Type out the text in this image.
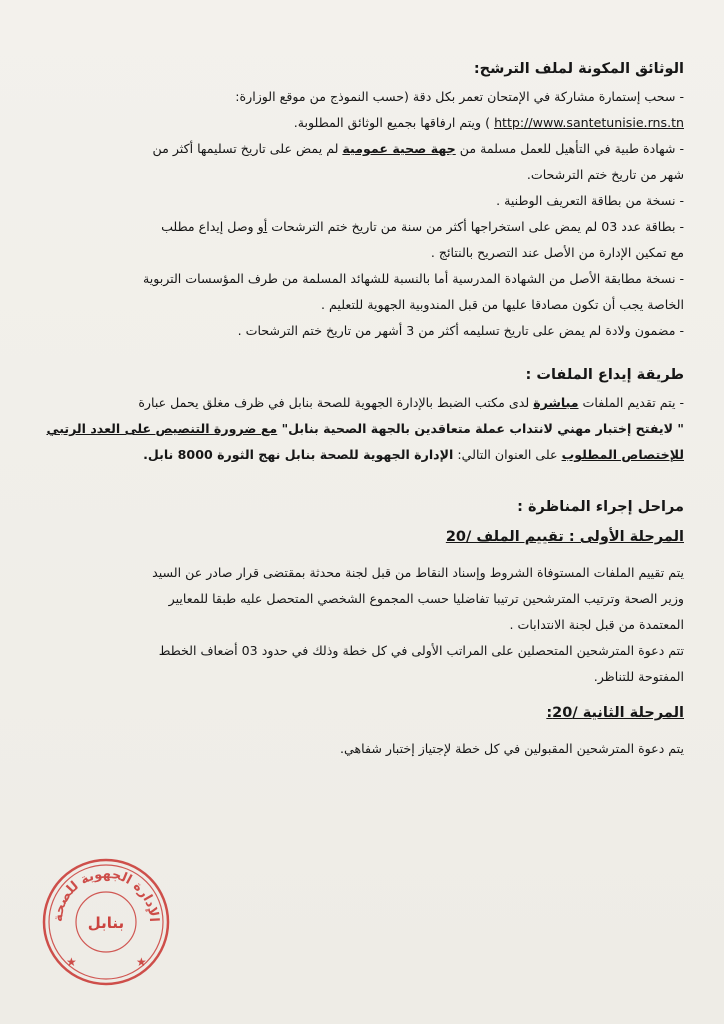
الوثائق المكونة لملف الترشح:
- سحب إستمارة مشاركة في الإمتحان تعمر بكل دقة (حسب النموذج من موقع الوزارة:
http://www.santetunisie.rns.tn ) ويتم ارفاقها بجميع الوثائق المطلوبة.
- شهادة طبية في التأهيل للعمل مسلمة من جهة صحية عمومية لم يمض على تاريخ تسليمها أكثر من
شهر من تاريخ ختم الترشحات.
- نسخة من بطاقة التعريف الوطنية .
- بطاقة عدد 03 لم يمض على استخراجها أكثر من سنة من تاريخ ختم الترشحات أو وصل إيداع مطلب
مع تمكين الإدارة من الأصل عند التصريح بالنتائج .
- نسخة مطابقة الأصل من الشهادة المدرسية أما بالنسبة للشهائد المسلمة من طرف المؤسسات التربوية
الخاصة يجب أن تكون مصادقا عليها من قبل المندوبية الجهوية للتعليم .
- مضمون ولادة لم يمض على تاريخ تسليمه أكثر من 3 أشهر من تاريخ ختم الترشحات .
طريقة إيداع الملفات :
- يتم تقديم الملفات مباشرة لدى مكتب الضبط بالإدارة الجهوية للصحة بنابل في ظرف مغلق يحمل عبارة
" لايفتح إختبار مهني لانتداب عملة متعاقدين بالجهة الصحية بنابل" مع ضرورة التنصيص على العدد الرتبي
للإختصاص المطلوب على العنوان التالي: الإدارة الجهوية للصحة بنابل نهج الثورة 8000 نابل.
مراحل إجراء المناظرة :
المرحلة الأولى : تقييم الملف /20
يتم تقييم الملفات المستوفاة الشروط وإسناد النقاط من قبل لجنة محدثة بمقتضى قرار صادر عن السيد
وزير الصحة وترتيب المترشحين ترتيبا تفاضليا حسب المجموع الشخصي المتحصل عليه طبقا للمعايير
المعتمدة من قبل لجنة الانتدابات .
تتم دعوة المترشحين المتحصلين على المراتب الأولى في كل خطة وذلك في حدود 03 أضعاف الخطط
المفتوحة للتناظر.
المرحلة الثانية /20:
يتم دعوة المترشحين المقبولين في كل خطة لإجتياز إختبار شفاهي.
الإدارة الجهوية للصحة
بنابل
★	★
